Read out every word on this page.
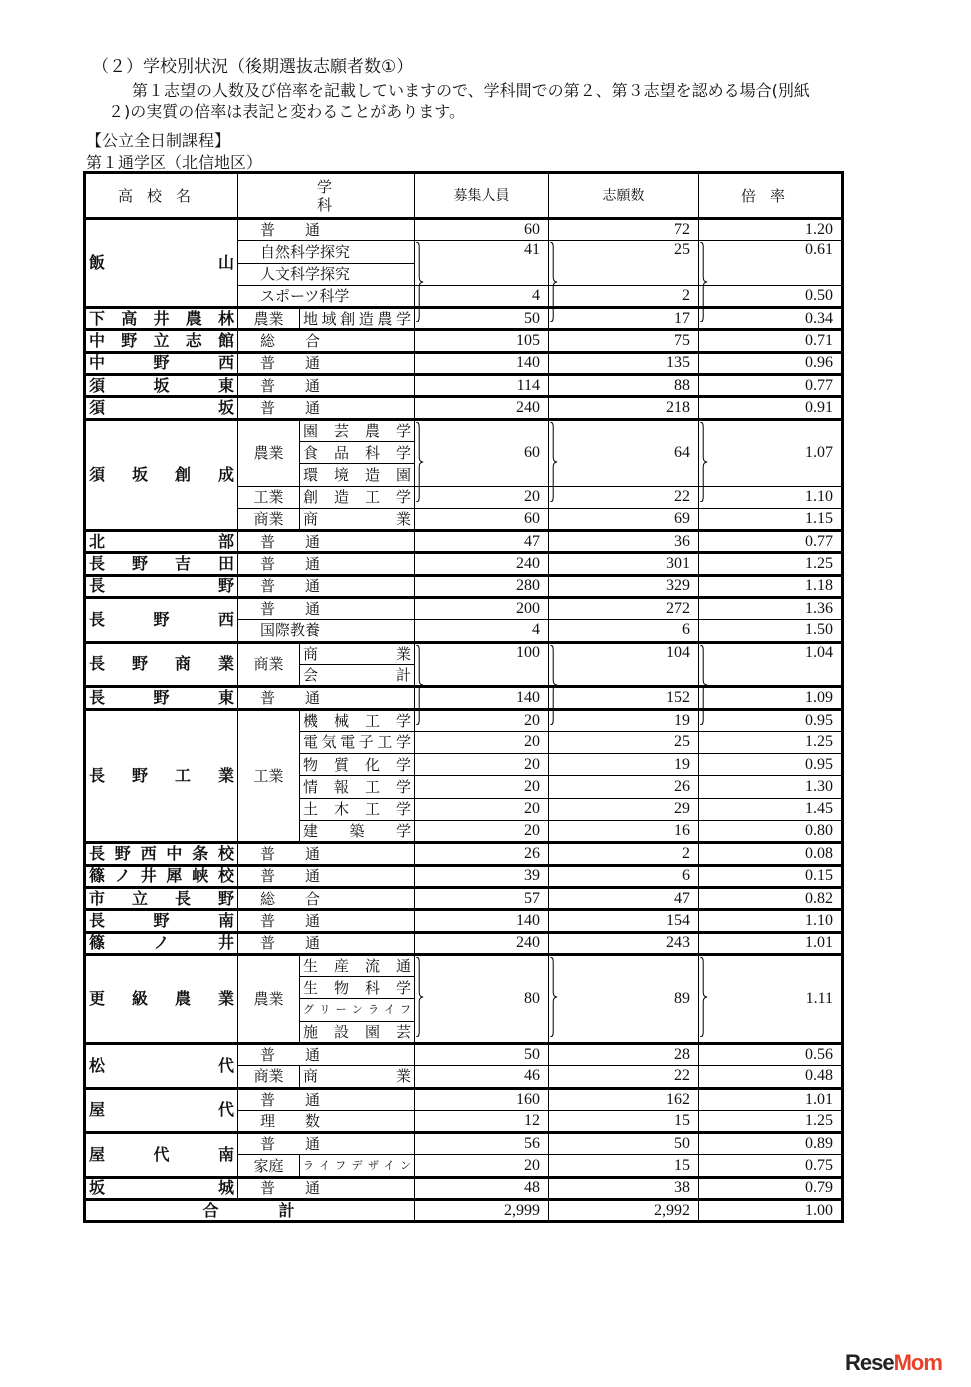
（２）学校別状況（後期選抜志願者数①）
第１志望の人数及び倍率を記載していますので、学科間での第２、第３志望を認める場合(別紙２)の実質の倍率は表記と変わることがあります。
【公立全日制課程】
第１通学区（北信地区）
高校名	学科		募集人員	志願数	倍率
飯山	普　　通		60	72	1.20
	自然科学探究		41	25	0.61

	人文科学探究				
	スポーツ科学		4	2	0.50
下高井農林	農業	地域創造農学	50	17	0.34
中野立志館	総　　合		105	75	0.71
中野西	普　　通		140	135	0.96
須坂東	普　　通		114	88	0.77
須坂	普　　通		240	218	0.91
須坂創成	農業	園芸農学	60	64	1.07

		食品科学			
		環境造園			
	工業	創造工学	20	22	1.10
	商業	商業	60	69	1.15
北部	普　　通		47	36	0.77
長野吉田	普　　通		240	301	1.25
長野	普　　通		280	329	1.18
長野西	普　　通		200	272	1.36
	国際教養		4	6	1.50
長野商業	商業	商業	100	104	1.04

		会計			
長野東	普　　通		140	152	1.09
長野工業	工業	機械工学	20	19	0.95
		電気電子工学	20	25	1.25
		物質化学	20	19	0.95
		情報工学	20	26	1.30
		土木工学	20	29	1.45
		建築学	20	16	0.80
長野西中条校	普　　通		26	2	0.08
篠ノ井犀峡校	普　　通		39	6	0.15
市立長野	総　　合		57	47	0.82
長野南	普　　通		140	154	1.10
篠ノ井	普　　通		240	243	1.01
更級農業	農業	生産流通	80	89	1.11

		生物科学			
		グリーンライフ			
		施設園芸			
松代	普　　通		50	28	0.56
	商業	商業	46	22	0.48
屋代	普　　通		160	162	1.01
	理　　数		12	15	1.25
屋代南	普　　通		56	50	0.89
	家庭	ライフデザイン	20	15	0.75
坂城	普　　通		48	38	0.79
合計			2,999	2,992	1.00
ReseMom
